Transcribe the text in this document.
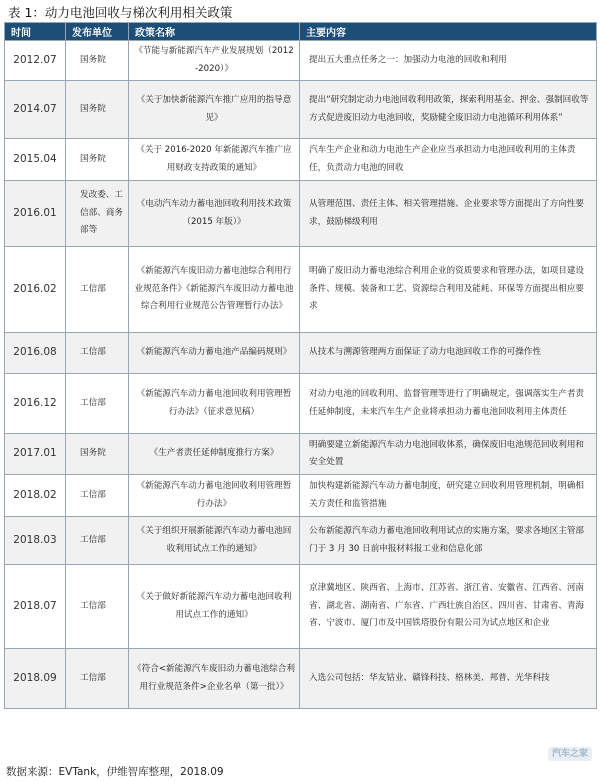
表 1：动力电池回收与梯次利用相关政策
时间	发布单位	政策名称	主要内容
2012.07	国务院	《节能与新能源汽车产业发展规划（2012-2020）》	提出五大重点任务之一：加强动力电池的回收和利用
2014.07	国务院	《关于加快新能源汽车推广应用的指导意见》	提出“研究制定动力电池回收利用政策，探索利用基金、押金、强制回收等方式促进废旧动力电池回收，奖励健全废旧动力电池循环利用体系”
2015.04	国务院	《关于 2016-2020 年新能源汽车推广应用财政支持政策的通知》	汽车生产企业和动力电池生产企业应当承担动力电池回收利用的主体责任，负责动力电池的回收
2016.01	发改委、工信部、商务部等	《电动汽车动力蓄电池回收利用技术政策（2015 年版）》	从管理范围、责任主体、相关管理措施、企业要求等方面提出了方向性要求，鼓励梯级利用
2016.02	工信部	《新能源汽车废旧动力蓄电池综合利用行业规范条件》《新能源汽车废旧动力蓄电池综合利用行业规范公告管理暂行办法》	明确了废旧动力蓄电池综合利用企业的资质要求和管理办法，如项目建设条件、规模、装备和工艺、资源综合利用及能耗、环保等方面提出相应要求
2016.08	工信部	《新能源汽车动力蓄电池产品编码规则》	从技术与溯源管理两方面保证了动力电池回收工作的可操作性
2016.12	工信部	《新能源汽车动力蓄电池回收利用管理暂行办法》（征求意见稿）	对动力电池的回收利用、监督管理等进行了明确规定，强调落实生产者责任延伸制度，未来汽车生产企业将承担动力蓄电池回收利用主体责任
2017.01	国务院	《生产者责任延伸制度推行方案》	明确要建立新能源汽车动力电池回收体系，确保废旧电池规范回收利用和安全处置
2018.02	工信部	《新能源汽车动力蓄电池回收利用管理暂行办法》	加快构建新能源汽车动力蓄电制度，研究建立回收利用管理机制，明确相关方责任和监管措施
2018.03	工信部	《关于组织开展新能源汽车动力蓄电池回收利用试点工作的通知》	公布新能源汽车动力蓄电池回收利用试点的实施方案，要求各地区主管部门于 3 月 30 日前申报材料报工业和信息化部
2018.07	工信部	《关于做好新能源汽车动力蓄电池回收利用试点工作的通知》	京津冀地区、陕西省、上海市、江苏省、浙江省、安徽省、江西省、河南省、湖北省、湖南省、广东省、广西壮族自治区、四川省、甘肃省、青海省、宁波市、厦门市及中国铁塔股份有限公司为试点地区和企业
2018.09	工信部	《符合<新能源汽车废旧动力蓄电池综合利用行业规范条件>企业名单（第一批）》	入选公司包括：华友钴业、赣锋科技、格林美、邦普、光华科技
汽车之家
数据来源：EVTank，伊维智库整理，2018.09
